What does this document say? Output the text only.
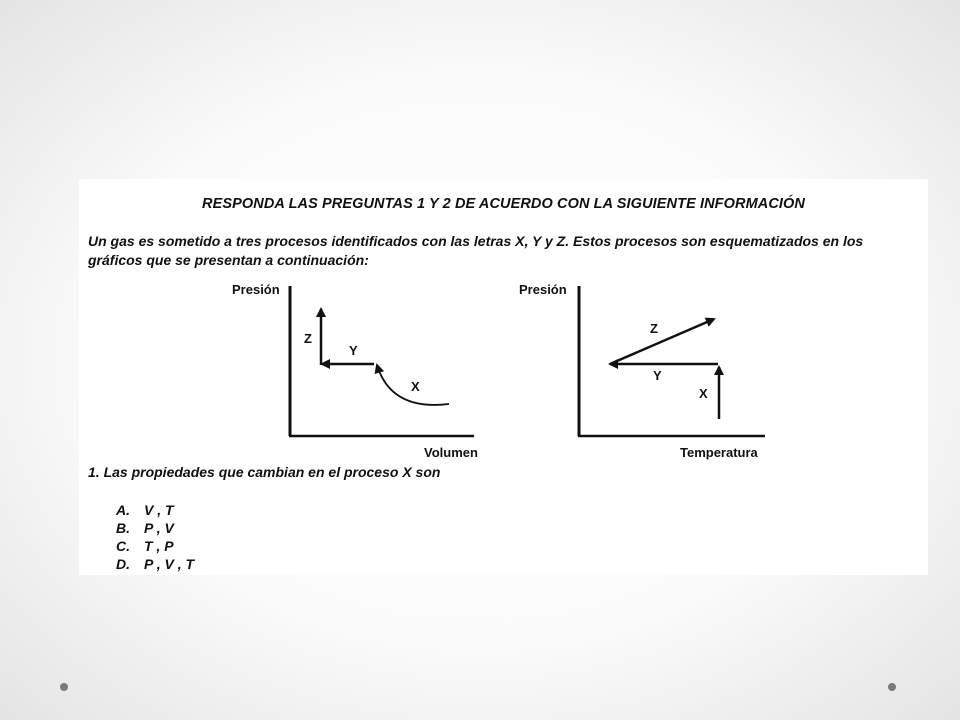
RESPONDA LAS PREGUNTAS 1 Y 2 DE ACUERDO CON LA SIGUIENTE INFORMACIÓN
Un gas es sometido a tres procesos identificados con las letras X, Y y Z. Estos procesos son esquematizados en los
gráficos que se presentan a continuación:
Presión
Volumen
X
Y
Z
Presión
Temperatura
X
Y
Z
1. Las propiedades que cambian en el proceso X son
A.	V , T
B.	P , V
C.	T , P
D.	P , V , T
